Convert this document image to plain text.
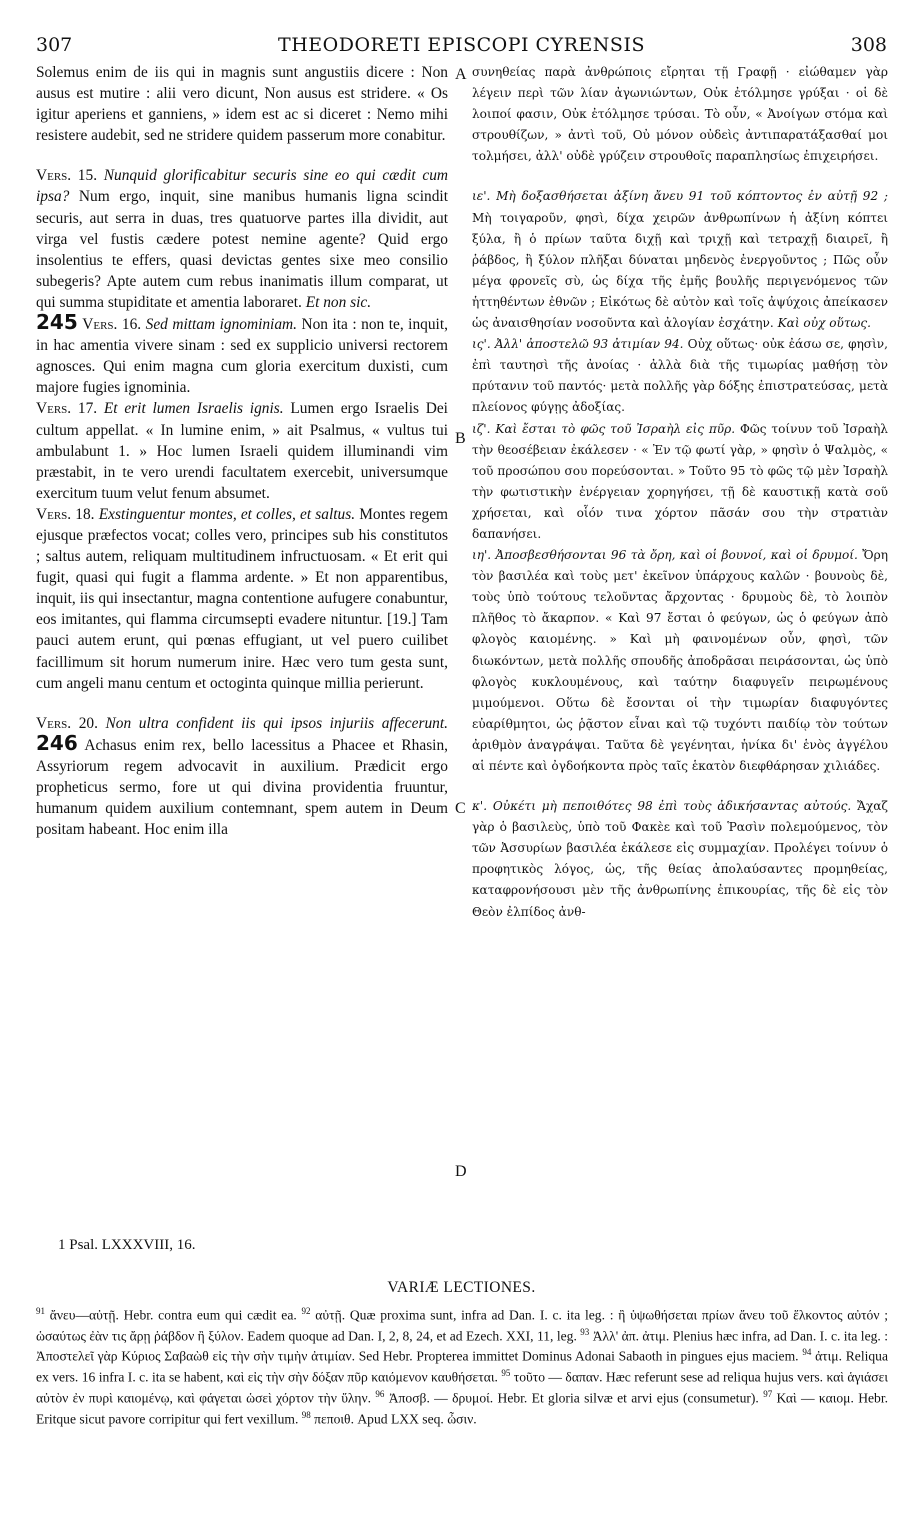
307	THEODORETI EPISCOPI CYRENSIS	308

Solemus enim de iis qui in magnis sunt angustiis dicere : Non ausus est mutire : alii vero dicunt, Non ausus est stridere. « Os igitur aperiens et ganniens, » idem est ac si diceret : Nemo mihi resistere audebit, sed ne stridere quidem passerum more conabitur.

Vers. 15. Nunquid glorificabitur securis sine eo qui cædit cum ipsa? Num ergo, inquit, sine manibus humanis ligna scindit securis, aut serra in duas, tres quatuorve partes illa dividit, aut virga vel fustis cædere potest nemine agente? Quid ergo insolentius te effers, quasi devictas gentes sixe meo consilio subegeris? Apte autem cum rebus inanimatis illum comparat, ut qui summa stupiditate et amentia laboraret. Et non sic.

245 Vers. 16. Sed mittam ignominiam. Non ita : non te, inquit, in hac amentia vivere sinam : sed ex supplicio universi rectorem agnosces. Qui enim magna cum gloria exercitum duxisti, cum majore fugies ignominia.

Vers. 17. Et erit lumen Israelis ignis. Lumen ergo Israelis Dei cultum appellat. « In lumine enim, » ait Psalmus, « vultus tui ambulabunt 1. » Hoc lumen Israeli quidem illuminandi vim præstabit, in te vero urendi facultatem exercebit, universumque exercitum tuum velut fenum absumet.

Vers. 18. Exstinguentur montes, et colles, et saltus. Montes regem ejusque præfectos vocat; colles vero, principes sub his constitutos ; saltus autem, reliquam multitudinem infructuosam. « Et erit qui fugit, quasi qui fugit a flamma ardente. » Et non apparentibus, inquit, iis qui insectantur, magna contentione aufugere conabuntur, eos imitantes, qui flamma circumsepti evadere nituntur. [19.] Tam pauci autem erunt, qui pœnas effugiant, ut vel puero cuilibet facillimum sit horum numerum inire. Hæc vero tum gesta sunt, cum angeli manu centum et octoginta quinque millia perierunt.

Vers. 20. Non ultra confident iis qui ipsos injuriis affecerunt. 246 Achasus enim rex, bello lacessitus a Phacee et Rhasin, Assyriorum regem advocavit in auxilium. Prædicit ergo propheticus sermo, fore ut qui divina providentia fruuntur, humanum quidem auxilium contemnant, spem autem in Deum positam habeant. Hoc enim illa

A
B
C
D

συνηθείας παρὰ ἀνθρώποις εἴρηται τῇ Γραφῇ · εἰώθαμεν γὰρ λέγειν περὶ τῶν λίαν ἀγωνιώντων, Οὐκ ἐτόλμησε γρύξαι · οἱ δὲ λοιποί φασιν, Οὐκ ἐτόλμησε τρύσαι. Τὸ οὖν, « Ἀνοίγων στόμα καὶ στρουθίζων, » ἀντὶ τοῦ, Οὐ μόνον οὐδεὶς ἀντιπαρατάξασθαί μοι τολμήσει, ἀλλ' οὐδὲ γρύζειν στρουθοῖς παραπλησίως ἐπιχειρήσει.

ιε'. Μὴ δοξασθήσεται ἀξίνη ἄνευ 91 τοῦ κόπτοντος ἐν αὐτῇ 92 ; Μὴ τοιγαροῦν, φησὶ, δίχα χειρῶν ἀνθρωπίνων ἡ ἀξίνη κόπτει ξύλα, ἢ ὁ πρίων ταῦτα διχῇ καὶ τριχῇ καὶ τετραχῇ διαιρεῖ, ἢ ῥάβδος, ἢ ξύλον πλῆξαι δύναται μηδενὸς ἐνεργοῦντος ; Πῶς οὖν μέγα φρονεῖς σὺ, ὡς δίχα τῆς ἐμῆς βουλῆς περιγενόμενος τῶν ἡττηθέντων ἐθνῶν ; Εἰκότως δὲ αὐτὸν καὶ τοῖς ἀψύχοις ἀπείκασεν ὡς ἀναισθησίαν νοσοῦντα καὶ ἀλογίαν ἐσχάτην. Καὶ οὐχ οὕτως.

ις'. Ἀλλ' ἀποστελῶ 93 ἀτιμίαν 94. Οὐχ οὕτως· οὐκ ἐάσω σε, φησὶν, ἐπὶ ταυτησὶ τῆς ἀνοίας · ἀλλὰ διὰ τῆς τιμωρίας μαθήσῃ τὸν πρύτανιν τοῦ παντός· μετὰ πολλῆς γὰρ δόξης ἐπιστρατεύσας, μετὰ πλείονος φύγῃς ἀδοξίας.

ιζ'. Καὶ ἔσται τὸ φῶς τοῦ Ἰσραὴλ εἰς πῦρ. Φῶς τοίνυν τοῦ Ἰσραὴλ τὴν θεοσέβειαν ἐκάλεσεν · « Ἐν τῷ φωτί γὰρ, » φησὶν ὁ Ψαλμὸς, « τοῦ προσώπου σου πορεύσονται. » Τοῦτο 95 τὸ φῶς τῷ μὲν Ἰσραὴλ τὴν φωτιστικὴν ἐνέργειαν χορηγήσει, τῇ δὲ καυστικῇ κατὰ σοῦ χρήσεται, καὶ οἷόν τινα χόρτον πᾶσάν σου τὴν στρατιὰν δαπανήσει.

ιη'. Ἀποσβεσθήσονται 96 τὰ ὄρη, καὶ οἱ βουνοί, καὶ οἱ δρυμοί. Ὄρη τὸν βασιλέα καὶ τοὺς μετ' ἐκεῖνον ὑπάρχους καλῶν · βουνοὺς δὲ, τοὺς ὑπὸ τούτους τελοῦντας ἄρχοντας · δρυμοὺς δὲ, τὸ λοιπὸν πλῆθος τὸ ἄκαρπον. « Καὶ 97 ἔσται ὁ φεύγων, ὡς ὁ φεύγων ἀπὸ φλογὸς καιομένης. » Καὶ μὴ φαινομένων οὖν, φησὶ, τῶν διωκόντων, μετὰ πολλῆς σπουδῆς ἀποδρᾶσαι πειράσονται, ὡς ὑπὸ φλογὸς κυκλουμένους, καὶ ταύτην διαφυγεῖν πειρωμένους μιμούμενοι. Οὕτω δὲ ἔσονται οἱ τὴν τιμωρίαν διαφυγόντες εὐαρίθμητοι, ὡς ῥᾷστον εἶναι καὶ τῷ τυχόντι παιδίῳ τὸν τούτων ἀριθμὸν ἀναγράψαι. Ταῦτα δὲ γεγένηται, ἡνίκα δι' ἑνὸς ἀγγέλου αἱ πέντε καὶ ὀγδοήκοντα πρὸς ταῖς ἑκατὸν διεφθάρησαν χιλιάδες.

κ'. Οὐκέτι μὴ πεποιθότες 98 ἐπὶ τοὺς ἀδικήσαντας αὐτούς. Ἄχαζ γὰρ ὁ βασιλεὺς, ὑπὸ τοῦ Φακὲε καὶ τοῦ Ῥασὶν πολεμούμενος, τὸν τῶν Ἀσσυρίων βασιλέα ἐκάλεσε εἰς συμμαχίαν. Προλέγει τοίνυν ὁ προφητικὸς λόγος, ὡς, τῆς θείας ἀπολαύσαντες προμηθείας, καταφρονήσουσι μὲν τῆς ἀνθρωπίνης ἐπικουρίας, τῆς δὲ εἰς τὸν Θεὸν ἐλπίδος ἀνθ-

1 Psal. LXXXVIII, 16.
VARIÆ LECTIONES.
$^{91}$ ἄνευ—αὐτῇ. Hebr. contra eum qui cædit ea. $^{92}$ αὐτῇ. Quæ proxima sunt, infra ad Dan. I. c. ita leg. : ἢ ὑψωθήσεται πρίων ἄνευ τοῦ ἕλκοντος αὐτόν ; ὡσαύτως ἐὰν τις ἄρῃ ῥάβδον ἢ ξύλον. Eadem quoque ad Dan. I, 2, 8, 24, et ad Ezech. XXI, 11, leg. $^{93}$ Ἀλλ' ἀπ. ἀτιμ. Plenius hæc infra, ad Dan. I. c. ita leg. : Ἀποστελεῖ γὰρ Κύριος Σαβαὼθ εἰς τὴν σὴν τιμὴν ἀτιμίαν. Sed Hebr. Propterea immittet Dominus Adonai Sabaoth in pingues ejus maciem. $^{94}$ ἀτιμ. Reliqua ex vers. 16 infra I. c. ita se habent, καὶ εἰς τὴν σὴν δόξαν πῦρ καιόμενον καυθήσεται. $^{95}$ τοῦτο — δαπαν. Hæc referunt sese ad reliqua hujus vers. καὶ ἁγιάσει αὐτὸν ἐν πυρὶ καιομένῳ, καὶ φάγεται ὡσεὶ χόρτον τὴν ὕλην. $^{96}$ Ἀποσβ. — δρυμοί. Hebr. Et gloria silvæ et arvi ejus (consumetur). $^{97}$ Καὶ — καιομ. Hebr. Eritque sicut pavore corripitur qui fert vexillum. $^{98}$ πεποιθ. Apud LXX seq. ὦσιν.
